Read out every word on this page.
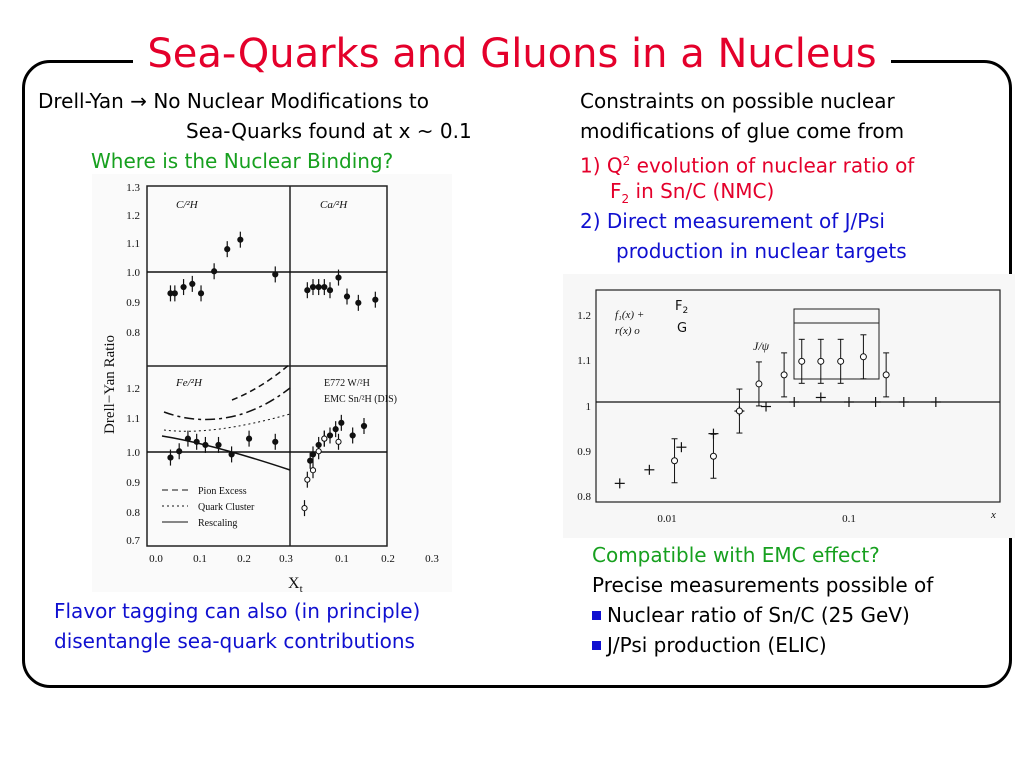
Sea-Quarks and Gluons in a Nucleus
Drell-Yan → No Nuclear Modifications to
Sea-Quarks found at x ~ 0.1
Where is the Nuclear Binding?
Constraints on possible nuclear
modifications of glue come from
1) $Q^2$ evolution of nuclear ratio of
$F_2$ in Sn/C (NMC)
2) Direct measurement of J/Psi
production in nuclear targets
1.3
1.2
1.1
1.0
0.9
0.8
1.2
1.1
1.0
0.9
0.8
0.7
0.0	0.1	0.2	0.3	0.1	0.2	0.3
C/²H	Ca/²H
Fe/²H	E772 W/²H
EMC Sn/²H (DIS)
Pion Excess
Quark Cluster
Rescaling
Drell−Yan Ratio
$X_t$
J/ψ
1.2
1.1
1
0.9
0.8
0.01	0.1	x
f₁(x) +
r(x) o
$F_2$
G
Flavor tagging can also (in principle)
disentangle sea-quark contributions
Compatible with EMC effect?
Precise measurements possible of
Nuclear ratio of Sn/C (25 GeV)
J/Psi production (ELIC)
